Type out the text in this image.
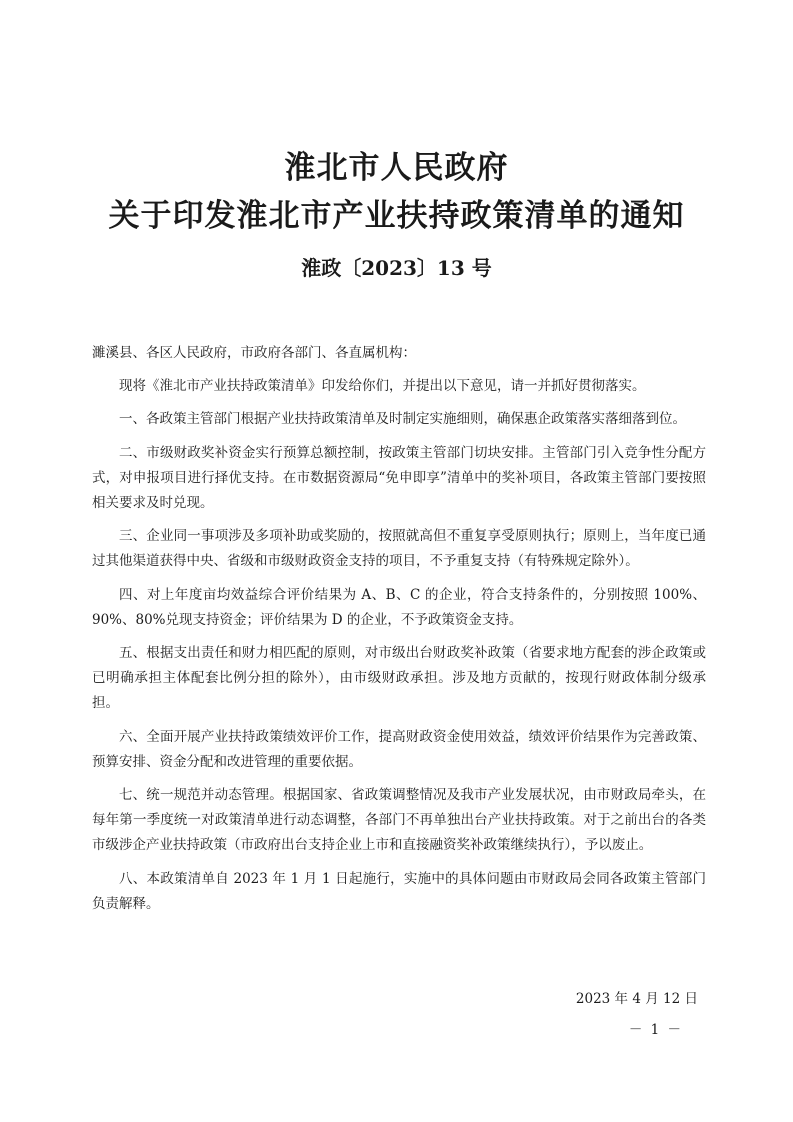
淮北市人民政府
关于印发淮北市产业扶持政策清单的通知
淮政〔2023〕13 号

濉溪县、各区人民政府，市政府各部门、各直属机构：

现将《淮北市产业扶持政策清单》印发给你们，并提出以下意见，请一并抓好贯彻落实。

一、各政策主管部门根据产业扶持政策清单及时制定实施细则，确保惠企政策落实落细落到位。

二、市级财政奖补资金实行预算总额控制，按政策主管部门切块安排。主管部门引入竞争性分配方式，对申报项目进行择优支持。在市数据资源局“免申即享”清单中的奖补项目，各政策主管部门要按照相关要求及时兑现。

三、企业同一事项涉及多项补助或奖励的，按照就高但不重复享受原则执行；原则上，当年度已通过其他渠道获得中央、省级和市级财政资金支持的项目，不予重复支持（有特殊规定除外）。

四、对上年度亩均效益综合评价结果为 A、B、C 的企业，符合支持条件的，分别按照 100%、90%、80%兑现支持资金；评价结果为 D 的企业，不予政策资金支持。

五、根据支出责任和财力相匹配的原则，对市级出台财政奖补政策（省要求地方配套的涉企政策或已明确承担主体配套比例分担的除外），由市级财政承担。涉及地方贡献的，按现行财政体制分级承担。

六、全面开展产业扶持政策绩效评价工作，提高财政资金使用效益，绩效评价结果作为完善政策、预算安排、资金分配和改进管理的重要依据。

七、统一规范并动态管理。根据国家、省政策调整情况及我市产业发展状况，由市财政局牵头，在每年第一季度统一对政策清单进行动态调整，各部门不再单独出台产业扶持政策。对于之前出台的各类市级涉企产业扶持政策（市政府出台支持企业上市和直接融资奖补政策继续执行），予以废止。

八、本政策清单自 2023 年 1 月 1 日起施行，实施中的具体问题由市财政局会同各政策主管部门负责解释。

2023 年 4 月 12 日
－ 1 －
